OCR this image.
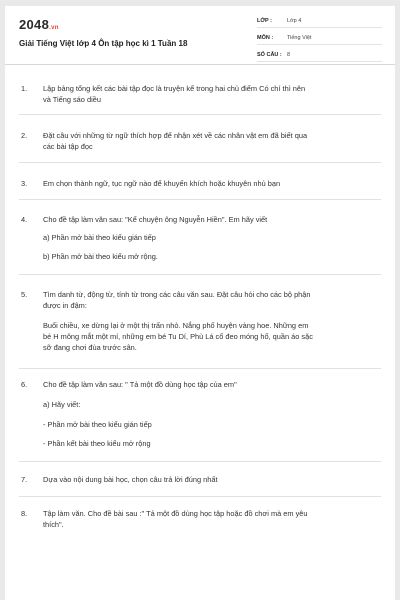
2048.vn
Giải Tiếng Việt lớp 4 Ôn tập học kì 1 Tuần 18
LỚP :	Lớp 4
MÔN :	Tiếng Việt
SỐ CÂU : 8
1. Lập bảng tổng kết các bài tập đọc là truyện kể trong hai chủ điểm Có chí thì nên
và Tiếng sáo diều
2. Đặt câu với những từ ngữ thích hợp để nhận xét về các nhân vật em đã biết qua
các bài tập đọc
3. Em chọn thành ngữ, tục ngữ nào để khuyến khích hoặc khuyên nhủ bạn
4. Cho đề tập làm văn sau: "Kể chuyện ông Nguyễn Hiền". Em hãy viết
a) Phần mở bài theo kiểu gián tiếp
b) Phần mở bài theo kiểu mở rộng.
5. Tìm danh từ, động từ, tính từ trong các câu văn sau. Đặt câu hỏi cho các bộ phận
được in đậm:
Buổi chiều, xe dừng lại ở một thị trấn nhỏ. Nắng phố huyện vàng hoe. Những em
bé H mông mắt một mí, những em bé Tu Dí, Phù Lá cổ đeo móng hổ, quần áo sặc
sỡ đang chơi đùa trước sân.
6. Cho đề tập làm văn sau: " Tả một đồ dùng học tập của em"
a) Hãy viết:
- Phần mở bài theo kiểu gián tiếp
- Phần kết bài theo kiểu mở rộng
7. Dựa vào nội dung bài học, chọn câu trả lời đúng nhất
8. Tập làm văn. Cho đề bài sau :" Tả một đồ dùng học tập hoặc đồ chơi mà em yêu
thích".
